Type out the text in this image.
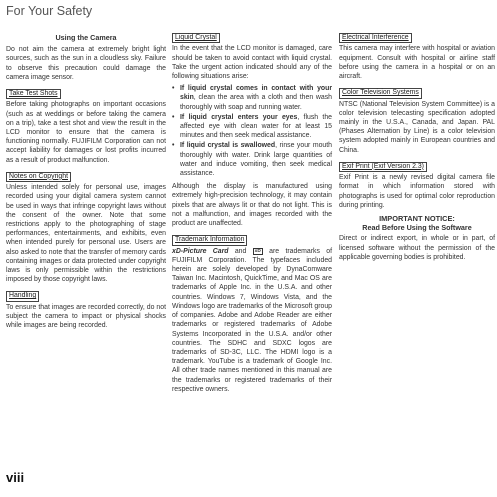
For Your Safety
Using the Camera

Do not aim the camera at extremely bright light sources, such as the sun in a cloudless sky. Failure to observe this precaution could damage the camera image sensor.

Take Test Shots

Before taking photographs on important occasions (such as at weddings or before taking the camera on a trip), take a test shot and view the result in the LCD monitor to ensure that the camera is functioning normally. FUJIFILM Corporation can not accept liability for damages or lost profits incurred as a result of product malfunction.

Notes on Copyright

Unless intended solely for personal use, images recorded using your digital camera system cannot be used in ways that infringe copyright laws without the consent of the owner. Note that some restrictions apply to the photographing of stage performances, entertainments, and exhibits, even when intended purely for personal use. Users are also asked to note that the transfer of memory cards containing images or data protected under copyright laws is only permissible within the restrictions imposed by those copyright laws.

Handling

To ensure that images are recorded correctly, do not subject the camera to impact or physical shocks while images are being recorded.

Liquid Crystal

In the event that the LCD monitor is damaged, care should be taken to avoid contact with liquid crystal. Take the urgent action indicated should any of the following situations arise:

• If liquid crystal comes in contact with your skin, clean the area with a cloth and then wash thoroughly with soap and running water.
• If liquid crystal enters your eyes, flush the affected eye with clean water for at least 15 minutes and then seek medical assistance.
• If liquid crystal is swallowed, rinse your mouth thoroughly with water. Drink large quantities of water and induce vomiting, then seek medical assistance.

Although the display is manufactured using extremely high-precision technology, it may contain pixels that are always lit or that do not light. This is not a malfunction, and images recorded with the product are unaffected.

Trademark Information

xD-Picture Card and xD are trademarks of FUJIFILM Corporation. The typefaces included herein are solely developed by DynaComware Taiwan Inc. Macintosh, QuickTime, and Mac OS are trademarks of Apple Inc. in the U.S.A. and other countries. Windows 7, Windows Vista, and the Windows logo are trademarks of the Microsoft group of companies. Adobe and Adobe Reader are either trademarks or registered trademarks of Adobe Systems Incorporated in the U.S.A. and/or other countries. The SDHC and SDXC logos are trademarks of SD-3C, LLC. The HDMI logo is a trademark. YouTube is a trademark of Google Inc. All other trade names mentioned in this manual are the trademarks or registered trademarks of their respective owners.

Electrical Interference

This camera may interfere with hospital or aviation equipment. Consult with hospital or airline staff before using the camera in a hospital or on an aircraft.

Color Television Systems

NTSC (National Television System Committee) is a color television telecasting specification adopted mainly in the U.S.A., Canada, and Japan. PAL (Phases Alternation by Line) is a color television system adopted mainly in European countries and China.

Exif Print (Exif Version 2.3)

Exif Print is a newly revised digital camera file format in which information stored with photographs is used for optimal color reproduction during printing.

IMPORTANT NOTICE:
Read Before Using the Software

Direct or indirect export, in whole or in part, of licensed software without the permission of the applicable governing bodies is prohibited.

viii
